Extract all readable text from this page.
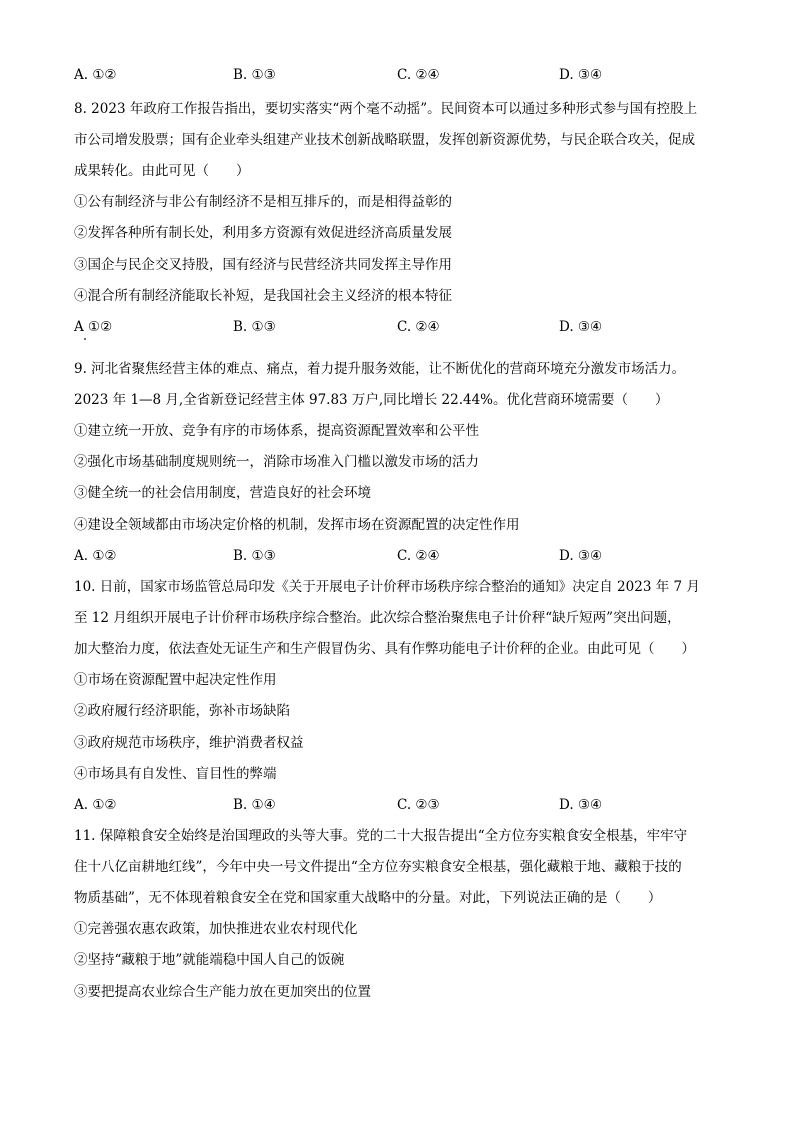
A. ①②	B. ①③	C. ②④	D. ③④
8. 2023 年政府工作报告指出，要切实落实“两个毫不动摇”。民间资本可以通过多种形式参与国有控股上
市公司增发股票；国有企业牵头组建产业技术创新战略联盟，发挥创新资源优势，与民企联合攻关，促成
成果转化。由此可见（　　）
①公有制经济与非公有制经济不是相互排斥的，而是相得益彰的
②发挥各种所有制长处，利用多方资源有效促进经济高质量发展
③国企与民企交叉持股，国有经济与民营经济共同发挥主导作用
④混合所有制经济能取长补短，是我国社会主义经济的根本特征
A ①②	B. ①③	C. ②④	D. ③④
9. 河北省聚焦经营主体的难点、痛点，着力提升服务效能，让不断优化的营商环境充分激发市场活力。
2023 年 1—8 月,全省新登记经营主体 97.83 万户,同比增长 22.44%。优化营商环境需要（　　）
①建立统一开放、竞争有序的市场体系，提高资源配置效率和公平性
②强化市场基础制度规则统一，消除市场准入门槛以激发市场的活力
③健全统一的社会信用制度，营造良好的社会环境
④建设全领域都由市场决定价格的机制，发挥市场在资源配置的决定性作用
A. ①②	B. ①③	C. ②④	D. ③④
10. 日前，国家市场监管总局印发《关于开展电子计价秤市场秩序综合整治的通知》决定自 2023 年 7 月
至 12 月组织开展电子计价秤市场秩序综合整治。此次综合整治聚焦电子计价秤“缺斤短两”突出问题，
加大整治力度，依法查处无证生产和生产假冒伪劣、具有作弊功能电子计价秤的企业。由此可见（　　）
①市场在资源配置中起决定性作用
②政府履行经济职能，弥补市场缺陷
③政府规范市场秩序，维护消费者权益
④市场具有自发性、盲目性的弊端
A. ①②	B. ①④	C. ②③	D. ③④
11. 保障粮食安全始终是治国理政的头等大事。党的二十大报告提出“全方位夯实粮食安全根基，牢牢守
住十八亿亩耕地红线”，今年中央一号文件提出“全方位夯实粮食安全根基，强化藏粮于地、藏粮于技的
物质基础”，无不体现着粮食安全在党和国家重大战略中的分量。对此，下列说法正确的是（　　）
①完善强农惠农政策，加快推进农业农村现代化
②坚持“藏粮于地”就能端稳中国人自己的饭碗
③要把提高农业综合生产能力放在更加突出的位置
